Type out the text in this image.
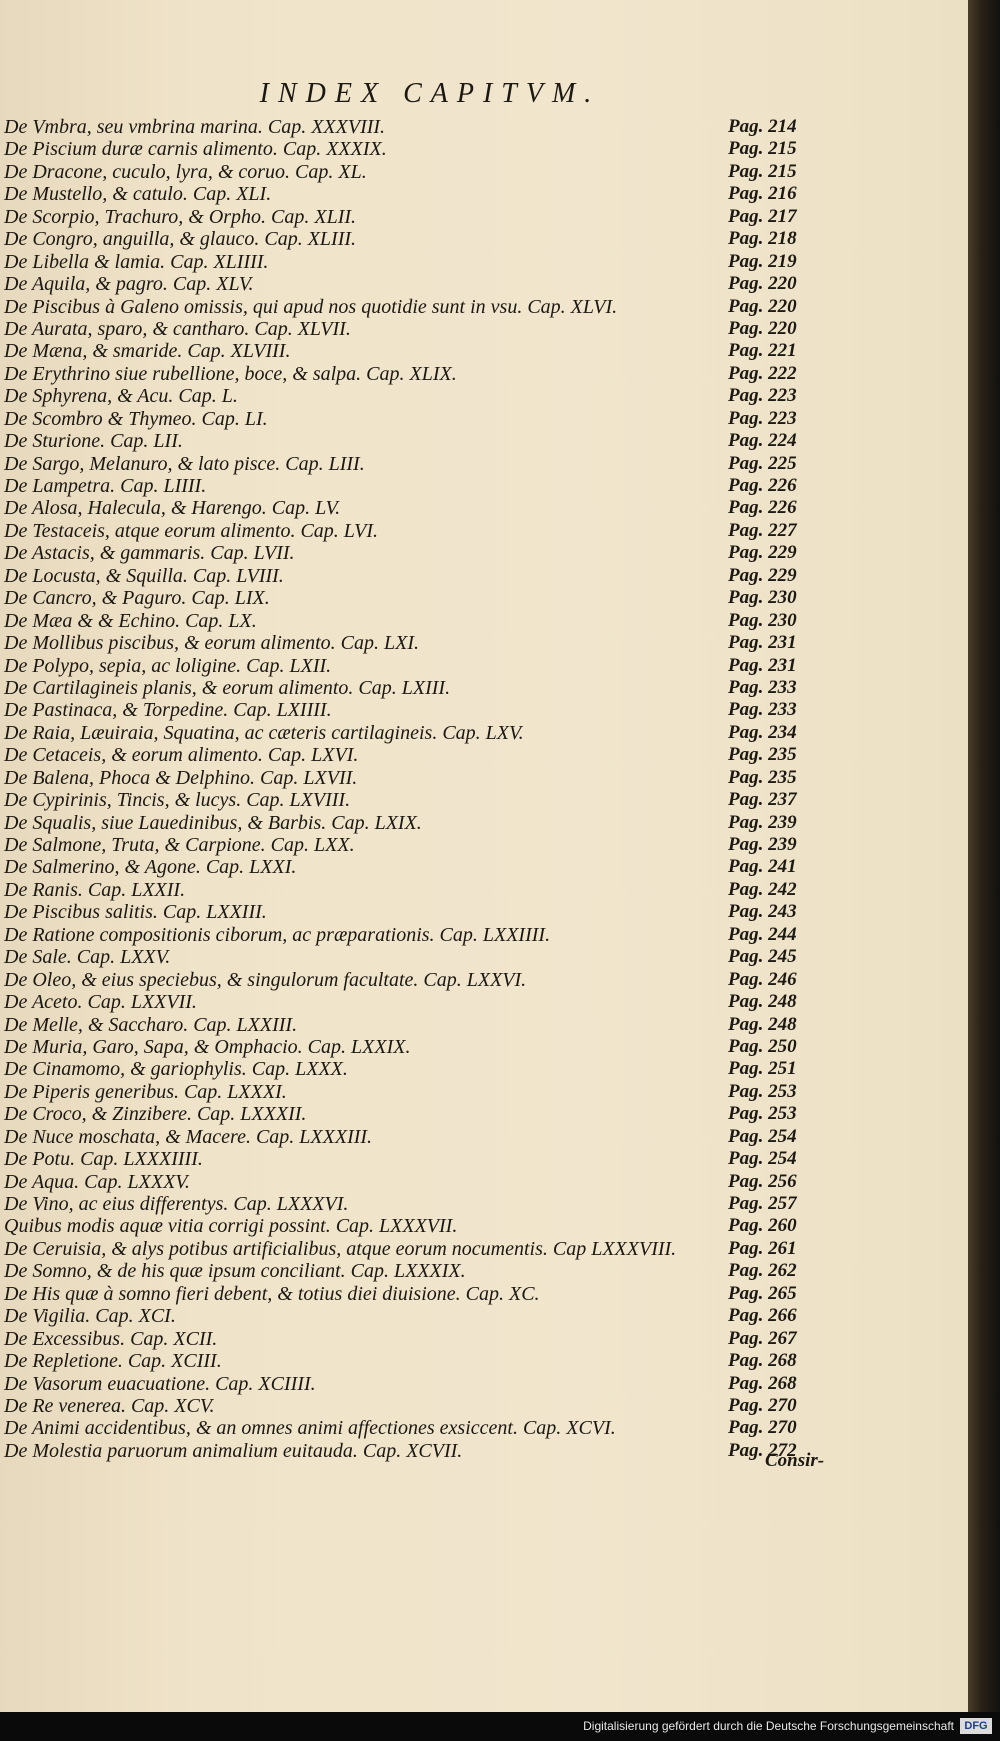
INDEX CAPITVM.
De Vmbra, seu vmbrina marina. Cap. XXXVIII.	Pag. 214
De Piscium duræ carnis alimento. Cap. XXXIX.	Pag. 215
De Dracone, cuculo, lyra, & coruo. Cap. XL.	Pag. 215
De Mustello, & catulo. Cap. XLI.	Pag. 216
De Scorpio, Trachuro, & Orpho. Cap. XLII.	Pag. 217
De Congro, anguilla, & glauco. Cap. XLIII.	Pag. 218
De Libella & lamia. Cap. XLIIII.	Pag. 219
De Aquila, & pagro. Cap. XLV.	Pag. 220
De Piscibus à Galeno omissis, qui apud nos quotidie sunt in vsu. Cap. XLVI.	Pag. 220
De Aurata, sparo, & cantharo. Cap. XLVII.	Pag. 220
De Mæna, & smaride. Cap. XLVIII.	Pag. 221
De Erythrino siue rubellione, boce, & salpa. Cap. XLIX.	Pag. 222
De Sphyrena, & Acu. Cap. L.	Pag. 223
De Scombro & Thymeo. Cap. LI.	Pag. 223
De Sturione. Cap. LII.	Pag. 224
De Sargo, Melanuro, & lato pisce. Cap. LIII.	Pag. 225
De Lampetra. Cap. LIIII.	Pag. 226
De Alosa, Halecula, & Harengo. Cap. LV.	Pag. 226
De Testaceis, atque eorum alimento. Cap. LVI.	Pag. 227
De Astacis, & gammaris. Cap. LVII.	Pag. 229
De Locusta, & Squilla. Cap. LVIII.	Pag. 229
De Cancro, & Paguro. Cap. LIX.	Pag. 230
De Mæa & & Echino. Cap. LX.	Pag. 230
De Mollibus piscibus, & eorum alimento. Cap. LXI.	Pag. 231
De Polypo, sepia, ac loligine. Cap. LXII.	Pag. 231
De Cartilagineis planis, & eorum alimento. Cap. LXIII.	Pag. 233
De Pastinaca, & Torpedine. Cap. LXIIII.	Pag. 233
De Raia, Læuiraia, Squatina, ac cæteris cartilagineis. Cap. LXV.	Pag. 234
De Cetaceis, & eorum alimento. Cap. LXVI.	Pag. 235
De Balena, Phoca & Delphino. Cap. LXVII.	Pag. 235
De Cypirinis, Tincis, & lucys. Cap. LXVIII.	Pag. 237
De Squalis, siue Lauedinibus, & Barbis. Cap. LXIX.	Pag. 239
De Salmone, Truta, & Carpione. Cap. LXX.	Pag. 239
De Salmerino, & Agone. Cap. LXXI.	Pag. 241
De Ranis. Cap. LXXII.	Pag. 242
De Piscibus salitis. Cap. LXXIII.	Pag. 243
De Ratione compositionis ciborum, ac præparationis. Cap. LXXIIII.	Pag. 244
De Sale. Cap. LXXV.	Pag. 245
De Oleo, & eius speciebus, & singulorum facultate. Cap. LXXVI.	Pag. 246
De Aceto. Cap. LXXVII.	Pag. 248
De Melle, & Saccharo. Cap. LXXIII.	Pag. 248
De Muria, Garo, Sapa, & Omphacio. Cap. LXXIX.	Pag. 250
De Cinamomo, & gariophylis. Cap. LXXX.	Pag. 251
De Piperis generibus. Cap. LXXXI.	Pag. 253
De Croco, & Zinzibere. Cap. LXXXII.	Pag. 253
De Nuce moschata, & Macere. Cap. LXXXIII.	Pag. 254
De Potu. Cap. LXXXIIII.	Pag. 254
De Aqua. Cap. LXXXV.	Pag. 256
De Vino, ac eius differentys. Cap. LXXXVI.	Pag. 257
Quibus modis aquæ vitia corrigi possint. Cap. LXXXVII.	Pag. 260
De Ceruisia, & alys potibus artificialibus, atque eorum nocumentis. Cap LXXXVIII.	Pag. 261
De Somno, & de his quæ ipsum conciliant. Cap. LXXXIX.	Pag. 262
De His quæ à somno fieri debent, & totius diei diuisione. Cap. XC.	Pag. 265
De Vigilia. Cap. XCI.	Pag. 266
De Excessibus. Cap. XCII.	Pag. 267
De Repletione. Cap. XCIII.	Pag. 268
De Vasorum euacuatione. Cap. XCIIII.	Pag. 268
De Re venerea. Cap. XCV.	Pag. 270
De Animi accidentibus, & an omnes animi affectiones exsiccent. Cap. XCVI.	Pag. 270
De Molestia paruorum animalium euitauda. Cap. XCVII.	Pag. 272
Consir-
Digitalisierung gefördert durch die Deutsche Forschungsgemeinschaft DFG
